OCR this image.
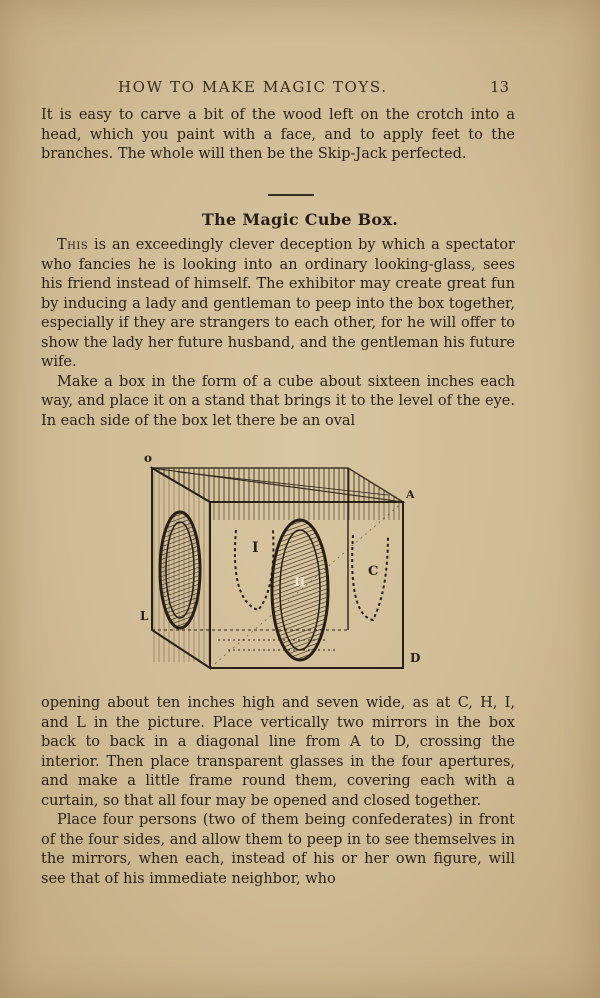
HOW TO MAKE MAGIC TOYS.	13

It is easy to carve a bit of the wood left on the crotch into a head, which you paint with a face, and to apply feet to the branches. The whole will then be the Skip-Jack perfected.

The Magic Cube Box.

This is an exceedingly clever deception by which a spectator who fancies he is looking into an ordinary looking-glass, sees his friend instead of himself. The exhibitor may create great fun by inducing a lady and gentleman to peep into the box together, especially if they are strangers to each other, for he will offer to show the lady her future husband, and the gentleman his future wife.

Make a box in the form of a cube about sixteen inches each way, and place it on a stand that brings it to the level of the eye. In each side of the box let there be an oval

o
A
I
C
H
L
D

opening about ten inches high and seven wide, as at C, H, I, and L in the picture. Place vertically two mirrors in the box back to back in a diagonal line from A to D, crossing the interior. Then place transparent glasses in the four apertures, and make a little frame round them, covering each with a curtain, so that all four may be opened and closed together.

Place four persons (two of them being confederates) in front of the four sides, and allow them to peep in to see themselves in the mirrors, when each, instead of his or her own figure, will see that of his immediate neighbor, who
